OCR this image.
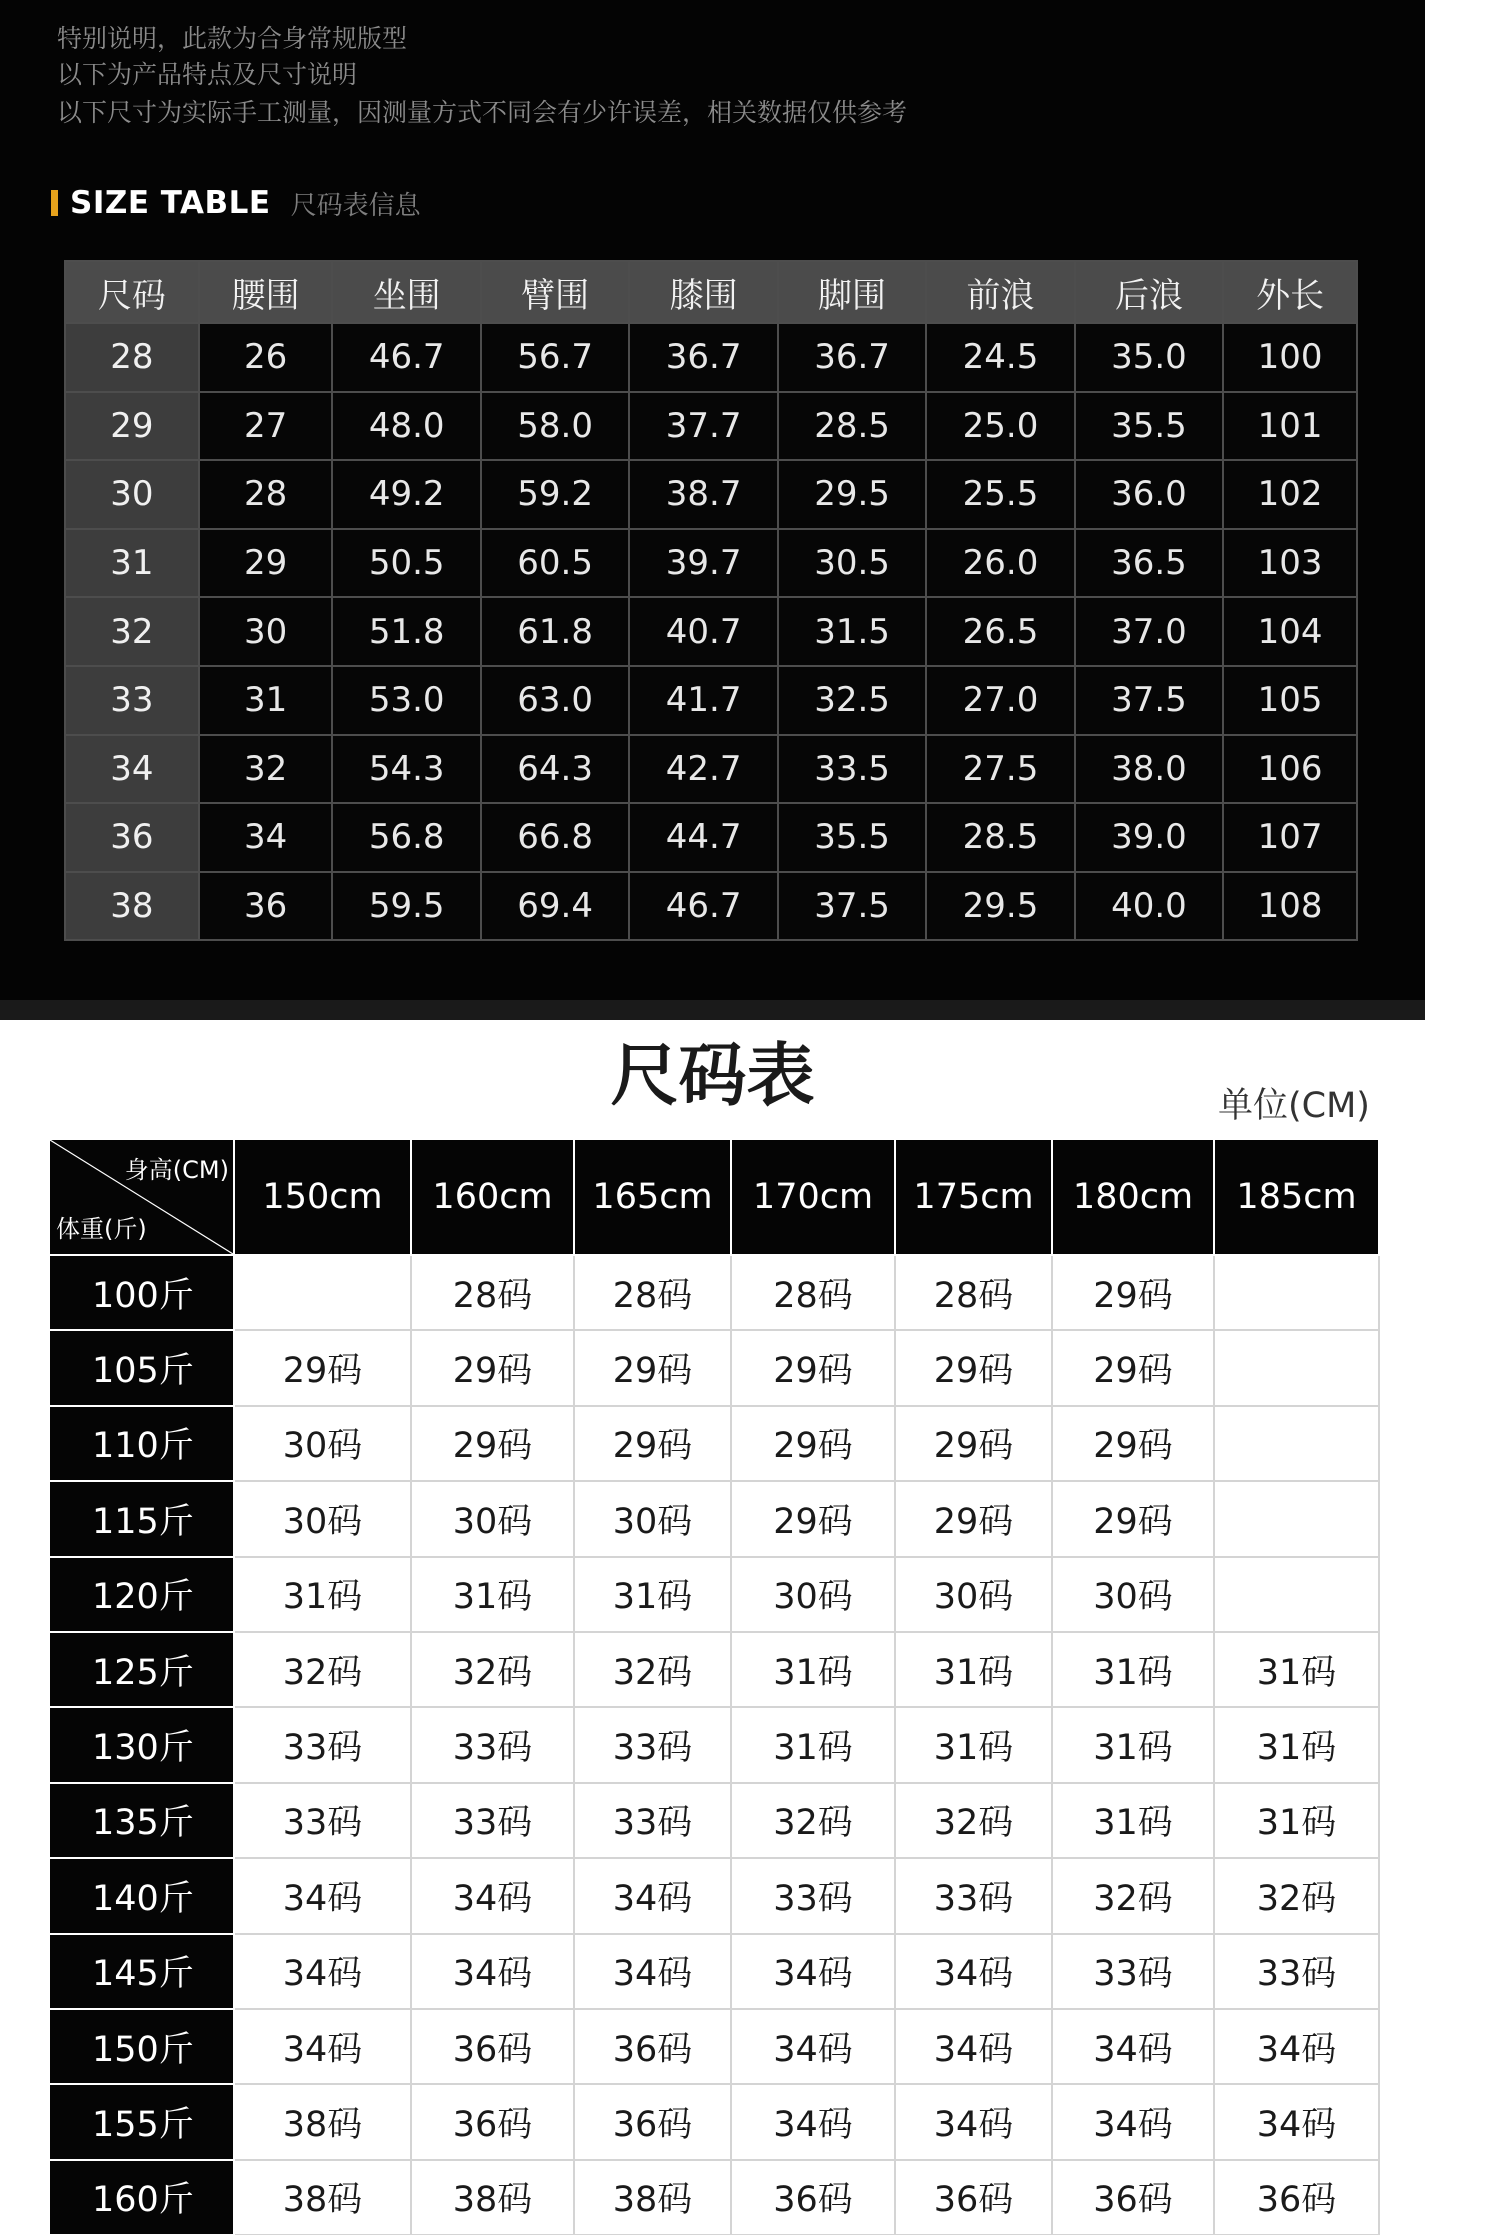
特别说明，此款为合身常规版型
以下为产品特点及尺寸说明
以下尺寸为实际手工测量，因测量方式不同会有少许误差，相关数据仅供参考
SIZE TABLE 尺码表信息
尺码	腰围	坐围	臂围	膝围	脚围	前浪	后浪	外长
28	26	46.7	56.7	36.7	36.7	24.5	35.0	100
29	27	48.0	58.0	37.7	28.5	25.0	35.5	101
30	28	49.2	59.2	38.7	29.5	25.5	36.0	102
31	29	50.5	60.5	39.7	30.5	26.0	36.5	103
32	30	51.8	61.8	40.7	31.5	26.5	37.0	104
33	31	53.0	63.0	41.7	32.5	27.0	37.5	105
34	32	54.3	64.3	42.7	33.5	27.5	38.0	106
36	34	56.8	66.8	44.7	35.5	28.5	39.0	107
38	36	59.5	69.4	46.7	37.5	29.5	40.0	108
尺码表	单位(CM)
身高(CM)
体重(斤)	150cm	160cm	165cm	170cm	175cm	180cm	185cm
100斤		28码	28码	28码	28码	29码	
105斤	29码	29码	29码	29码	29码	29码	
110斤	30码	29码	29码	29码	29码	29码	
115斤	30码	30码	30码	29码	29码	29码	
120斤	31码	31码	31码	30码	30码	30码	
125斤	32码	32码	32码	31码	31码	31码	31码
130斤	33码	33码	33码	31码	31码	31码	31码
135斤	33码	33码	33码	32码	32码	31码	31码
140斤	34码	34码	34码	33码	33码	32码	32码
145斤	34码	34码	34码	34码	34码	33码	33码
150斤	34码	36码	36码	34码	34码	34码	34码
155斤	38码	36码	36码	34码	34码	34码	34码
160斤	38码	38码	38码	36码	36码	36码	36码
